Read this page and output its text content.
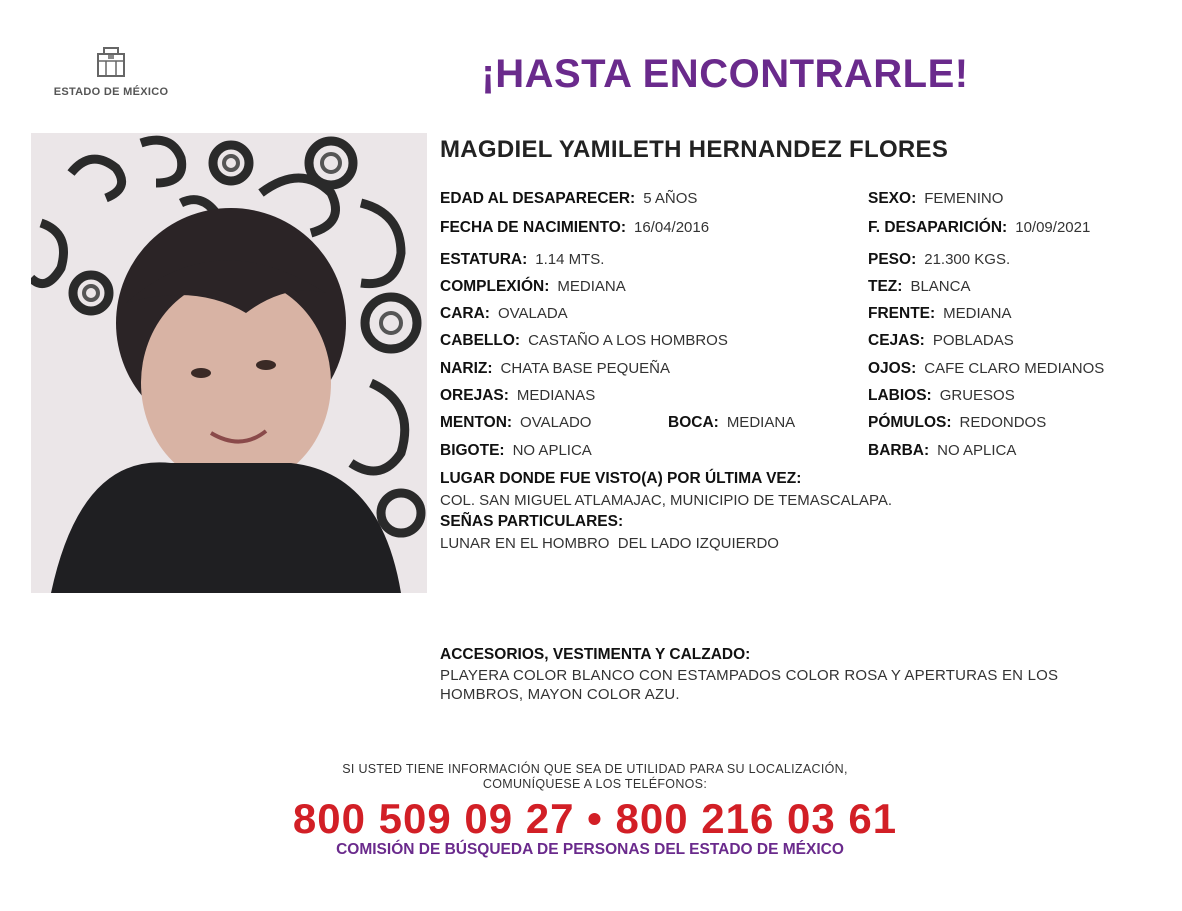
ESTADO DE MÉXICO	¡HASTA ENCONTRARLE!
MAGDIEL YAMILETH HERNANDEZ FLORES
EDAD AL DESAPARECER: 5 AÑOS	SEXO: FEMENINO
FECHA DE NACIMIENTO: 16/04/2016	F. DESAPARICIÓN: 10/09/2021
ESTATURA: 1.14 MTS.	PESO: 21.300 KGS.
COMPLEXIÓN: MEDIANA	TEZ: BLANCA
CARA: OVALADA	FRENTE: MEDIANA
CABELLO: CASTAÑO A LOS HOMBROS	CEJAS: POBLADAS
NARIZ: CHATA BASE PEQUEÑA	OJOS: CAFE CLARO MEDIANOS
OREJAS: MEDIANAS	LABIOS: GRUESOS
MENTON: OVALADO	BOCA: MEDIANA	PÓMULOS: REDONDOS
BIGOTE: NO APLICA	BARBA: NO APLICA
LUGAR DONDE FUE VISTO(A) POR ÚLTIMA VEZ:
COL. SAN MIGUEL ATLAMAJAC, MUNICIPIO DE TEMASCALAPA.
SEÑAS PARTICULARES:
LUNAR EN EL HOMBRO  DEL LADO IZQUIERDO
ACCESORIOS, VESTIMENTA Y CALZADO:
PLAYERA COLOR BLANCO CON ESTAMPADOS COLOR ROSA Y APERTURAS EN LOS HOMBROS, MAYON COLOR AZU.
SI USTED TIENE INFORMACIÓN QUE SEA DE UTILIDAD PARA SU LOCALIZACIÓN,
COMUNÍQUESE A LOS TELÉFONOS:
800 509 09 27 • 800 216 03 61
COMISIÓN DE BÚSQUEDA DE PERSONAS DEL ESTADO DE MÉXICO
